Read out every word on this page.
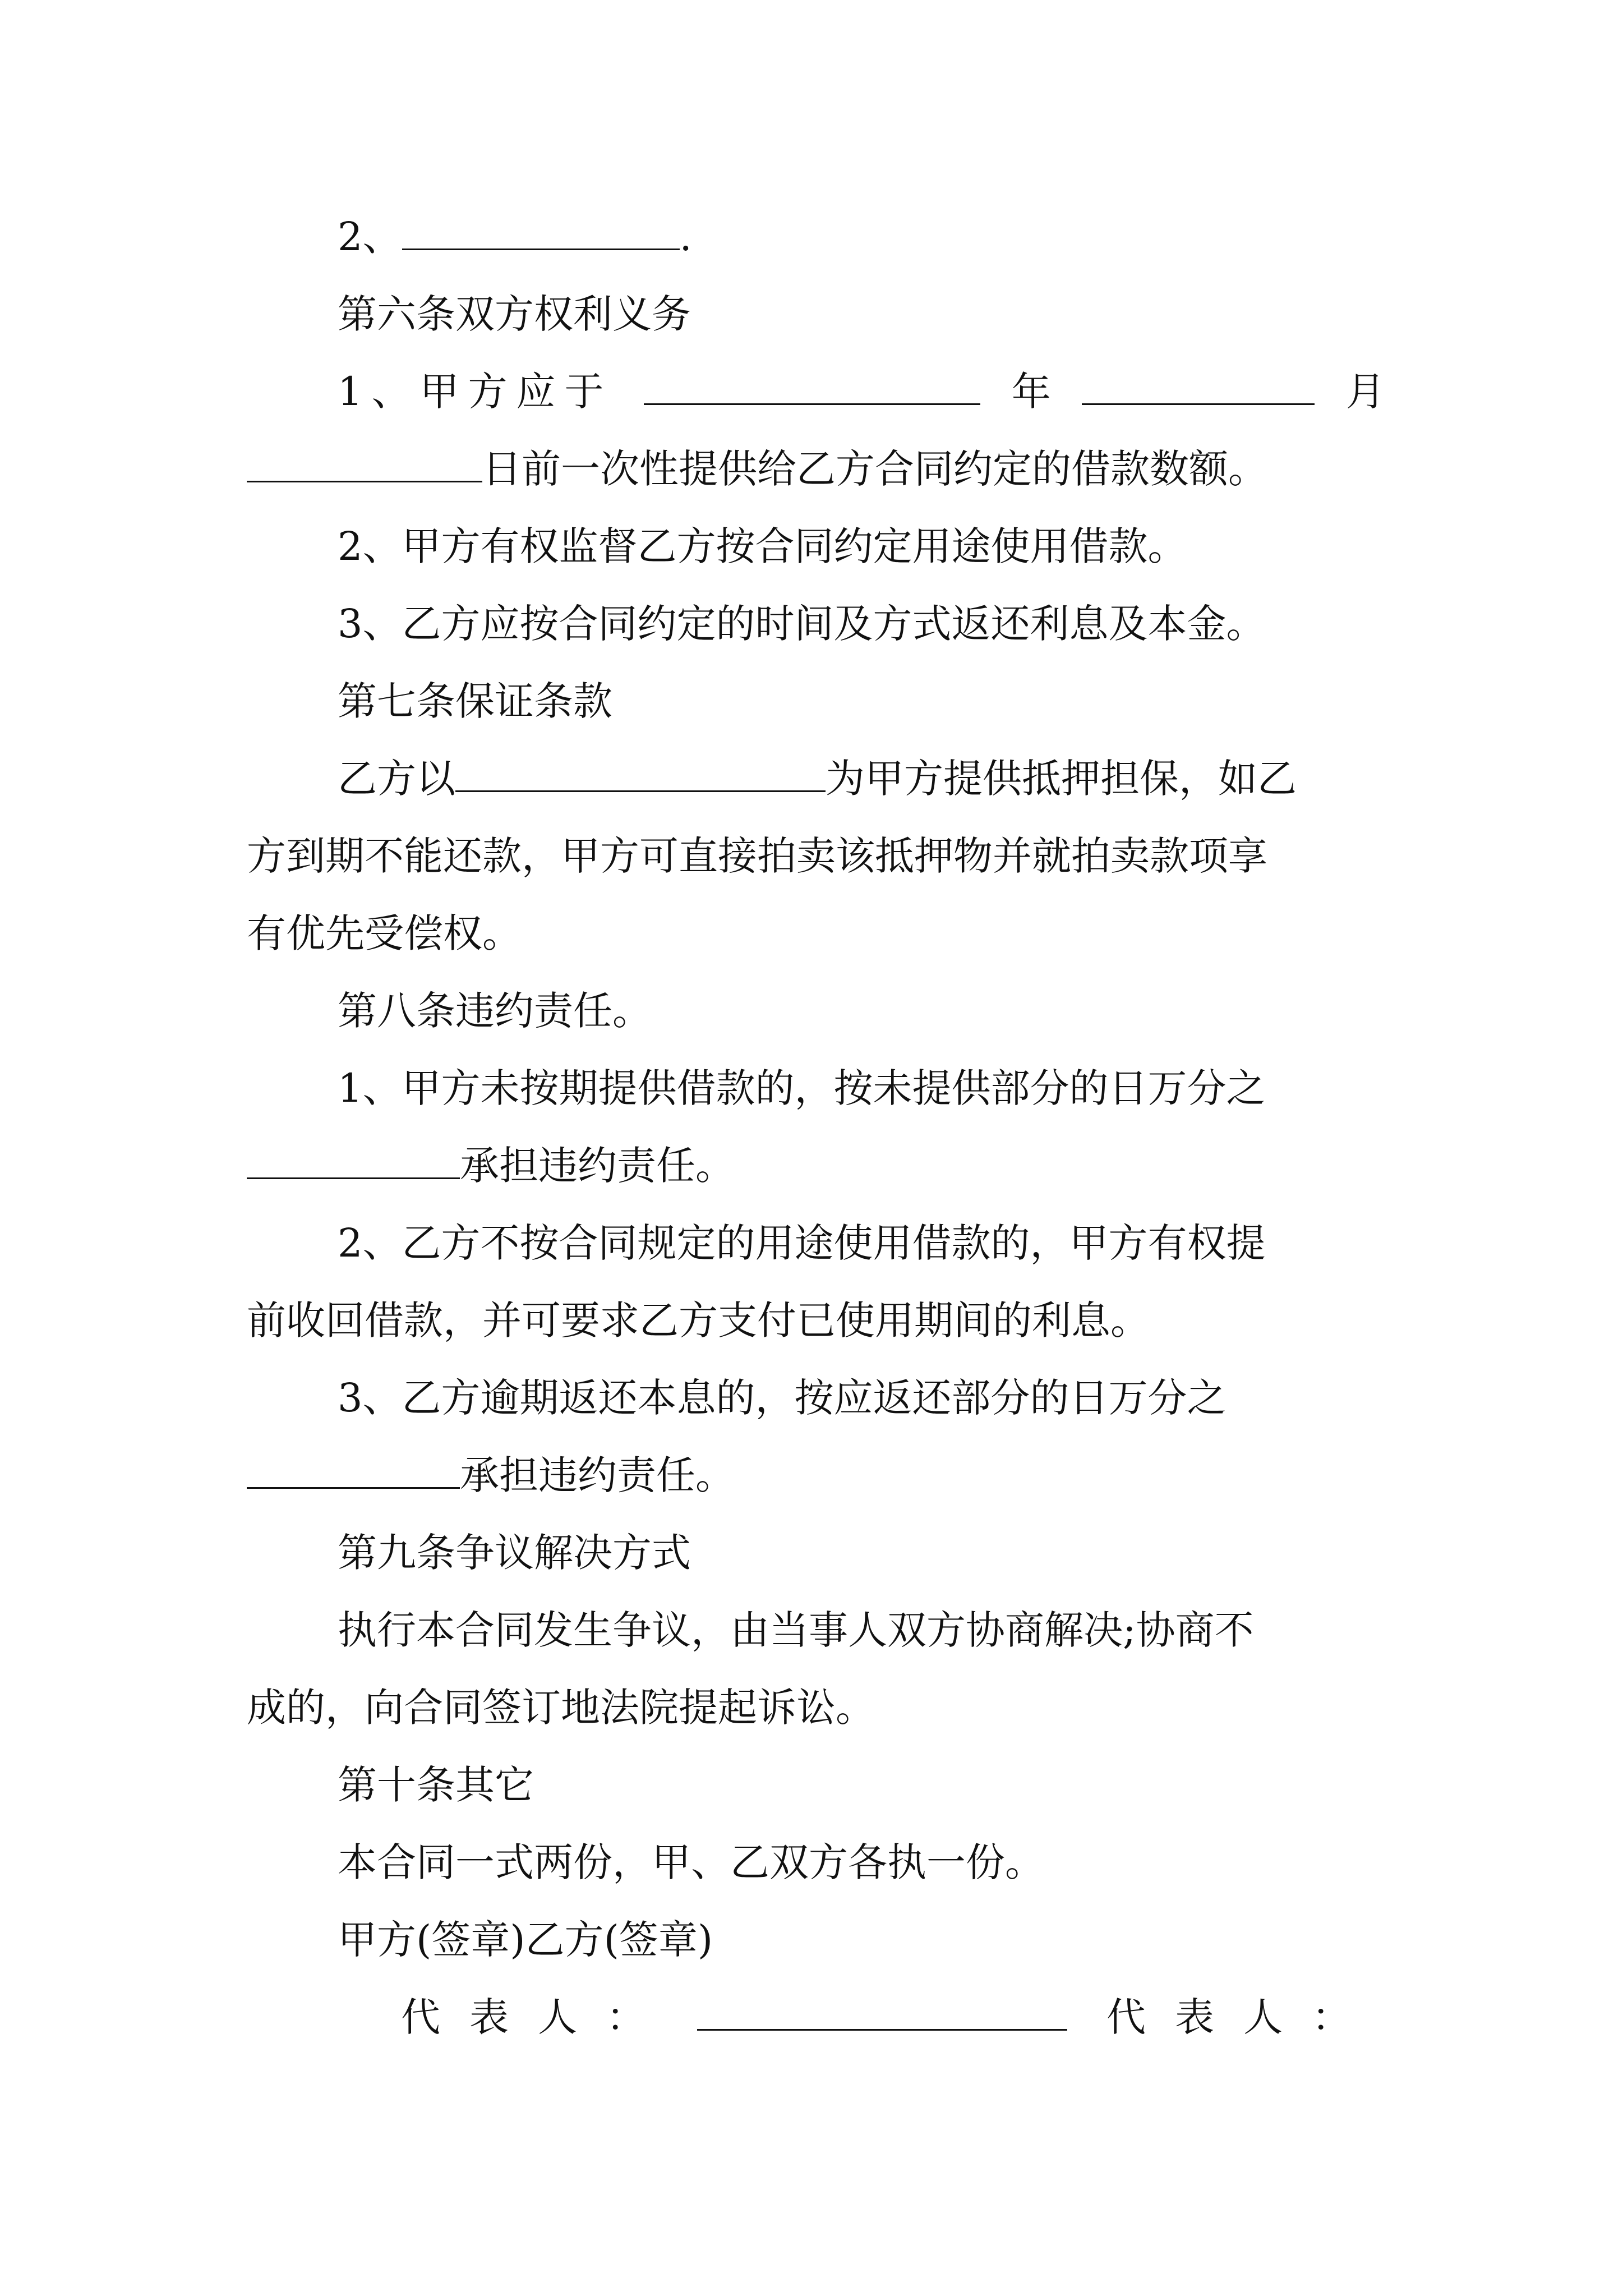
2、	.
第六条双方权利义务
1、甲方应于	年	月
日前一次性提供给乙方合同约定的借款数额。
2、甲方有权监督乙方按合同约定用途使用借款。
3、乙方应按合同约定的时间及方式返还利息及本金。
第七条保证条款
乙方以	为甲方提供抵押担保，如乙
方到期不能还款，甲方可直接拍卖该抵押物并就拍卖款项享
有优先受偿权。
第八条违约责任。
1、甲方未按期提供借款的，按未提供部分的日万分之
承担违约责任。
2、乙方不按合同规定的用途使用借款的，甲方有权提
前收回借款，并可要求乙方支付已使用期间的利息。
3、乙方逾期返还本息的，按应返还部分的日万分之
承担违约责任。
第九条争议解决方式
执行本合同发生争议，由当事人双方协商解决;协商不
成的，向合同签订地法院提起诉讼。
第十条其它
本合同一式两份，甲、乙双方各执一份。
甲方(签章)乙方(签章)
代表人：	代表人：
